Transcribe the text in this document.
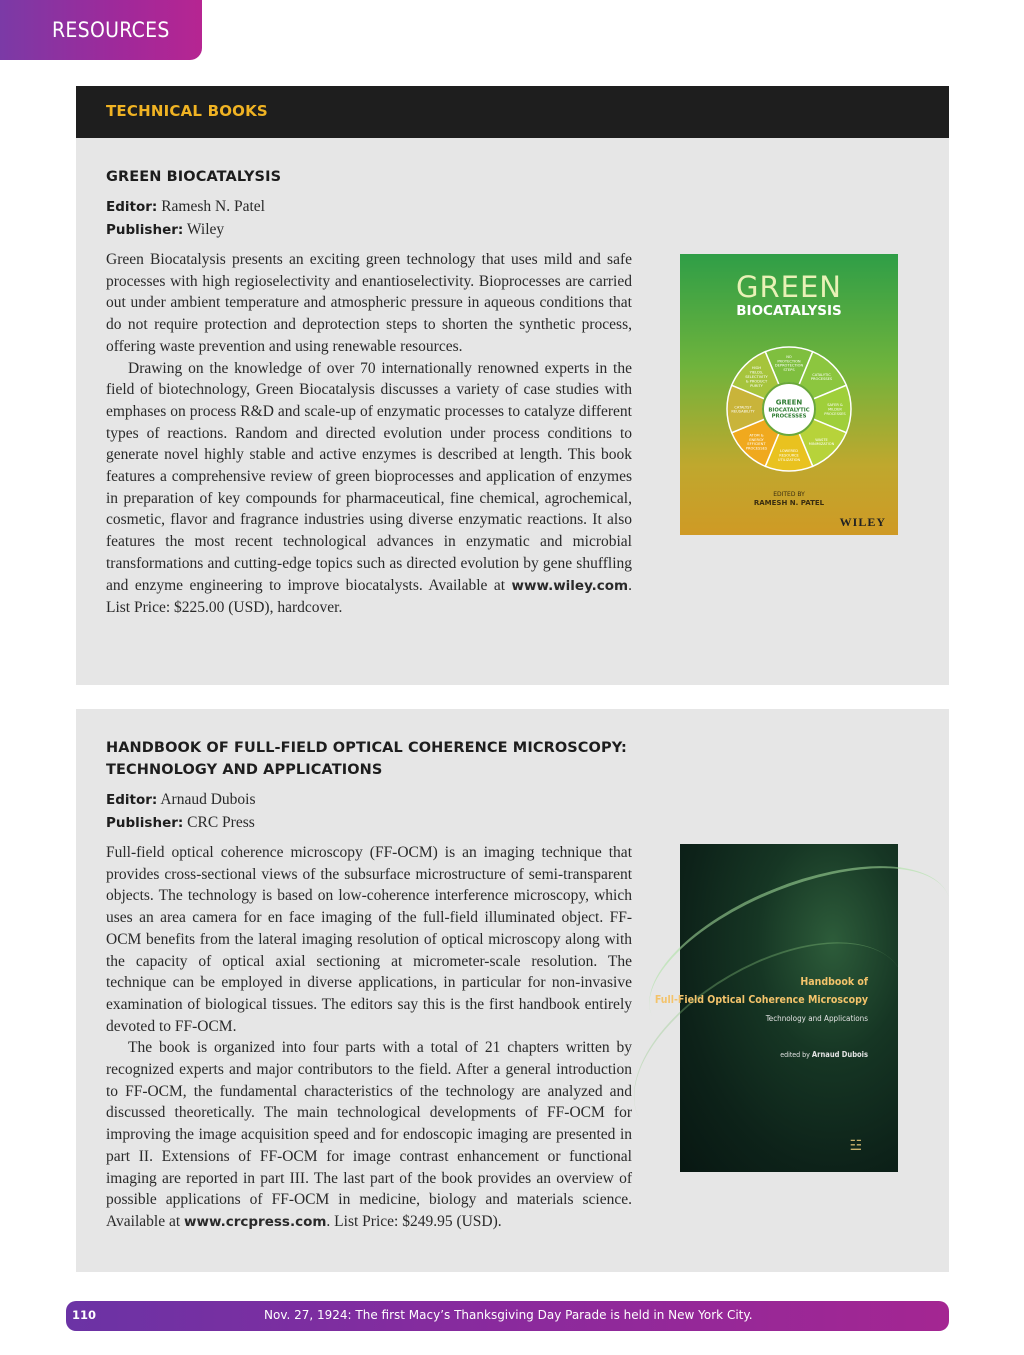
RESOURCES
TECHNICAL BOOKS
GREEN BIOCATALYSIS
Editor: Ramesh N. Patel
Publisher: Wiley

Green Biocatalysis presents an exciting green technology that uses mild and safe processes with high regioselectivity and enantioselectivity. Bioprocesses are carried out under ambient temperature and atmospheric pressure in aqueous conditions that do not require protection and deprotection steps to shorten the synthetic process, offering waste prevention and using renewable resources.

Drawing on the knowledge of over 70 internationally renowned experts in the field of biotechnology, Green Biocatalysis discusses a variety of case studies with emphases on process R&D and scale-up of enzymatic processes to catalyze different types of reactions. Random and directed evolution under process conditions to generate novel highly stable and active enzymes is described at length. This book features a comprehensive review of green bioprocesses and application of enzymes in preparation of key compounds for pharmaceutical, fine chemical, agrochemical, cosmetic, flavor and fragrance industries using diverse enzymatic reactions. It also features the most recent technological advances in enzymatic and microbial transformations and cutting-edge topics such as directed evolution by gene shuffling and enzyme engineering to improve biocatalysts. Available at www.wiley.com. List Price: $225.00 (USD), hardcover.

GREEN
BIOCATALYSIS
NO
PROTECTION
DEPROTECTION
STEPS
CATALYTIC
PROCESSES
SAFER &
MILDER
PROCESSES
WASTE
MINIMIZATION
LOWERED
RESOURCE
UTILIZATION
ATOM &
ENERGY
EFFICIENT
PROCESSES
CATALYST
REUSABILITY
HIGH
YIELDS,
SELECTIVITY
& PRODUCT
PURITY
GREEN
BIOCATALYTIC
PROCESSES
EDITED BY
RAMESH N. PATEL
WILEY
HANDBOOK OF FULL-FIELD OPTICAL COHERENCE MICROSCOPY:
TECHNOLOGY AND APPLICATIONS
Editor: Arnaud Dubois
Publisher: CRC Press

Full-field optical coherence microscopy (FF-OCM) is an imaging technique that provides cross-sectional views of the subsurface microstructure of semi-transparent objects. The technology is based on low-coherence interference microscopy, which uses an area camera for en face imaging of the full-field illuminated object. FF-OCM benefits from the lateral imaging resolution of optical microscopy along with the capacity of optical axial sectioning at micrometer-scale resolution. The technique can be employed in diverse applications, in particular for non-invasive examination of biological tissues. The editors say this is the first handbook entirely devoted to FF-OCM.

The book is organized into four parts with a total of 21 chapters written by recognized experts and major contributors to the field. After a general introduction to FF-OCM, the fundamental characteristics of the technology are analyzed and discussed theoretically. The main technological developments of FF-OCM for improving the image acquisition speed and for endoscopic imaging are presented in part II. Extensions of FF-OCM for image contrast enhancement or functional imaging are reported in part III. The last part of the book provides an overview of possible applications of FF-OCM in medicine, biology and materials science. Available at www.crcpress.com. List Price: $249.95 (USD).

Handbook of
Full-Field Optical Coherence Microscopy
Technology and Applications
edited by Arnaud Dubois
☳
110	Nov. 27, 1924: The first Macy’s Thanksgiving Day Parade is held in New York City.
